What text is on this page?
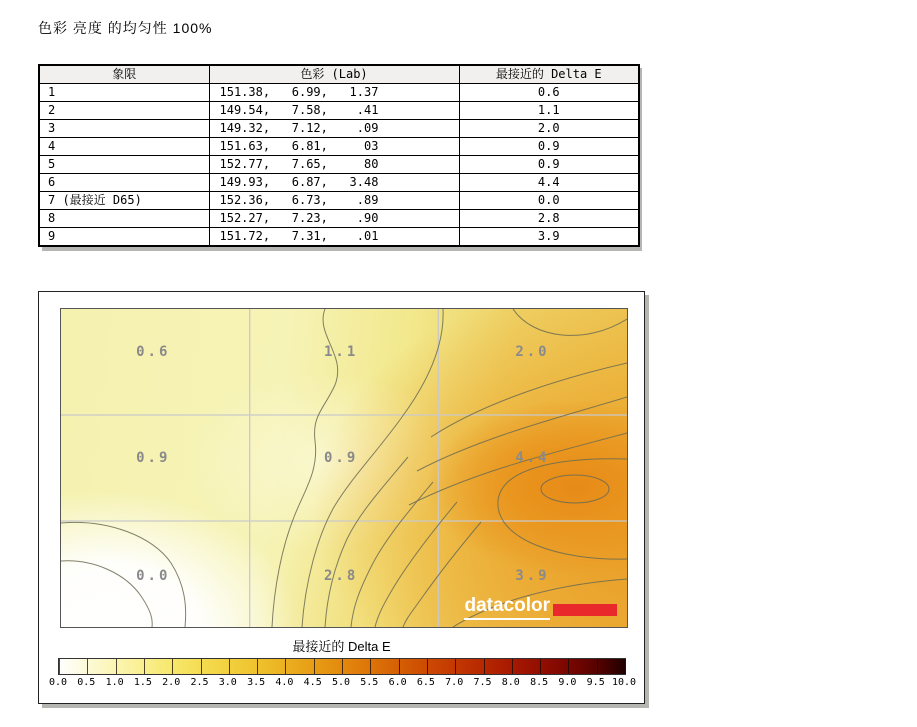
色彩 亮度 的均匀性 100%
象限	色彩 (Lab)	最接近的 Delta E
1	151.38,   6.99,   1.37	0.6
2	149.54,   7.58,    .41	1.1
3	149.32,   7.12,    .09	2.0
4	151.63,   6.81,     03	0.9
5	152.77,   7.65,     80	0.9
6	149.93,   6.87,   3.48	4.4
7 (最接近 D65)	152.36,   6.73,    .89	0.0
8	152.27,   7.23,    .90	2.8
9	151.72,   7.31,    .01	3.9
0.6	1.1	2.0
0.9	0.9	4.4
0.0	2.8	3.9
datacolor
最接近的 Delta E
0.0 0.5 1.0 1.5 2.0 2.5 3.0 3.5 4.0 4.5 5.0 5.5 6.0 6.5 7.0 7.5 8.0 8.5 9.0 9.5 10.0
